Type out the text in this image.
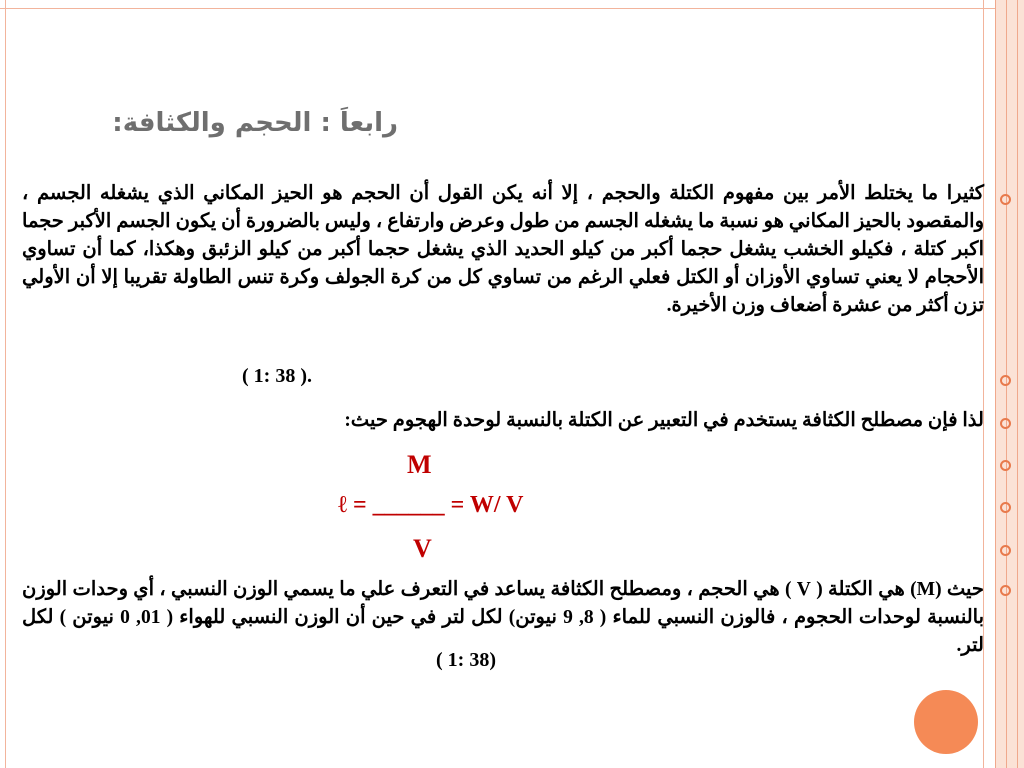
رابعاَ : الحجم والكثافة:
كثيرا ما يختلط الأمر بين مفهوم الكتلة والحجم ، إلا أنه يكن القول أن الحجم هو الحيز المكاني الذي يشغله الجسم ، والمقصود بالحيز المكاني هو نسبة ما يشغله الجسم من طول وعرض وارتفاع ، وليس بالضرورة أن يكون الجسم الأكبر حجما اكبر كتلة ، فكيلو الخشب يشغل حجما أكبر من كيلو الحديد الذي يشغل حجما أكبر من كيلو الزئبق وهكذا، كما أن تساوي الأحجام لا يعني تساوي الأوزان أو الكتل فعلي الرغم من تساوي كل من كرة الجولف وكرة تنس الطاولة تقريبا إلا أن الأولي تزن أكثر من عشرة أضعاف وزن الأخيرة.
( 1: 38 ).
لذا فإن مصطلح الكثافة يستخدم في التعبير عن الكتلة بالنسبة لوحدة الهجوم حيث:
M
ℓ = ______ = W/ V
V
حيث (M) هي الكتلة ( V ) هي الحجم ، ومصطلح الكثافة يساعد في التعرف علي ما يسمي الوزن النسبي ، أي وحدات الوزن بالنسبة لوحدات الحجوم ، فالوزن النسبي للماء ( 8, 9 نيوتن) لكل لتر في حين أن الوزن النسبي للهواء ( 01, 0 نيوتن ) لكل لتر.
( 1: 38)
